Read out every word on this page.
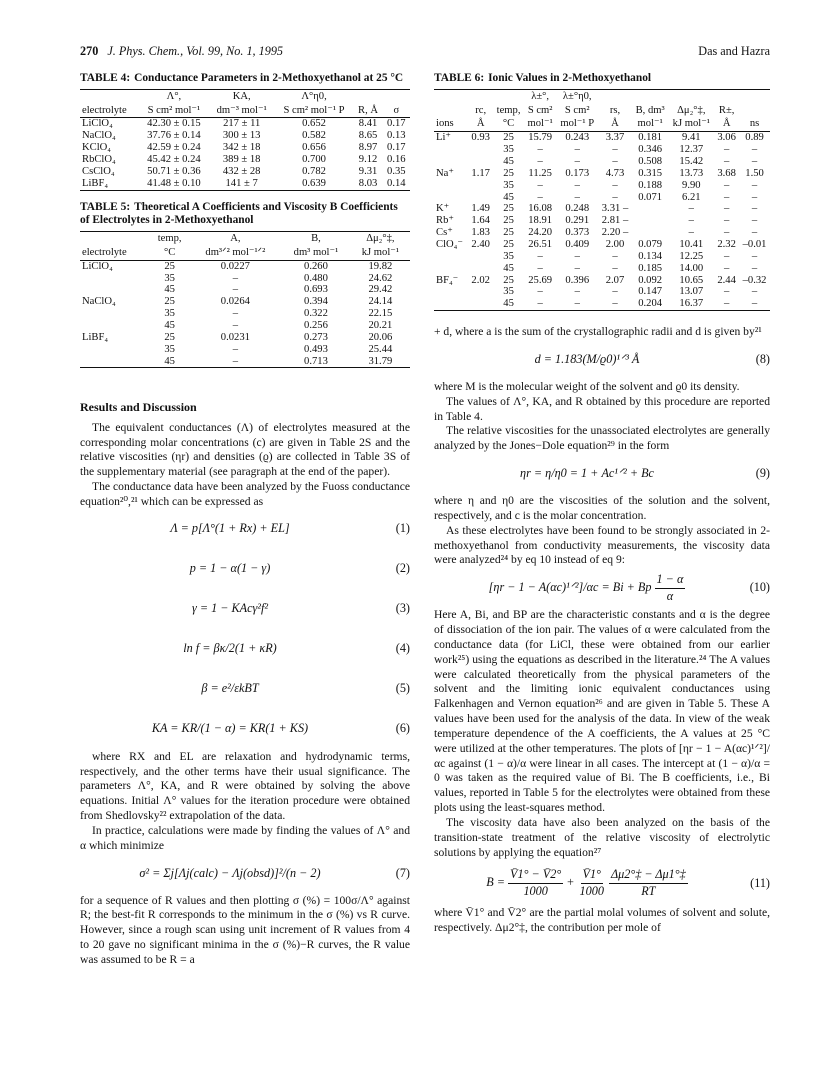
270 J. Phys. Chem., Vol. 99, No. 1, 1995	Das and Hazra
TABLE 4: Conductance Parameters in 2-Methoxyethanol at 25 °C
	Λ°,	KA,	Λ°η0,		
electrolyte	S cm² mol⁻¹	dm⁻³ mol⁻¹	S cm² mol⁻¹ P	R, Å	σ
LiClO₄	42.30 ± 0.15	217 ± 11	0.652	8.41	0.17
NaClO₄	37.76 ± 0.14	300 ± 13	0.582	8.65	0.13
KClO₄	42.59 ± 0.24	342 ± 18	0.656	8.97	0.17
RbClO₄	45.42 ± 0.24	389 ± 18	0.700	9.12	0.16
CsClO₄	50.71 ± 0.36	432 ± 28	0.782	9.31	0.35
LiBF₄	41.48 ± 0.10	141 ± 7	0.639	8.03	0.14
TABLE 5: Theoretical A Coefficients and Viscosity B Coefficients of Electrolytes in 2-Methoxyethanol
	temp,	A,	B,	Δμ₂°‡,
electrolyte	°C	dm³ᐟ² mol⁻¹ᐟ²	dm³ mol⁻¹	kJ mol⁻¹
LiClO₄	25	0.0227	0.260	19.82
	35	–	0.480	24.62
	45	–	0.693	29.42
NaClO₄	25	0.0264	0.394	24.14
	35	–	0.322	22.15
	45	–	0.256	20.21
LiBF₄	25	0.0231	0.273	20.06
	35	–	0.493	25.44
	45	–	0.713	31.79
Results and Discussion

The equivalent conductances (Λ) of electrolytes measured at the corresponding molar concentrations (c) are given in Table 2S and the relative viscosities (ηr) and densities (ϱ) are collected in Table 3S of the supplementary material (see paragraph at the end of the paper).

The conductance data have been analyzed by the Fuoss conductance equation²⁰,²¹ which can be expressed as

Λ = p[Λ°(1 + Rx) + EL]	(1)
p = 1 − α(1 − γ)	(2)
γ = 1 − KAcγ²f²	(3)
ln f = βκ/2(1 + κR)	(4)
β = e²/εkBT	(5)
KA = KR/(1 − α) = KR(1 + KS)	(6)

where RX and EL are relaxation and hydrodynamic terms, respectively, and the other terms have their usual significance. The parameters Λ°, KA, and R were obtained by solving the above equations. Initial Λ° values for the iteration procedure were obtained from Shedlovsky²² extrapolation of the data.

In practice, calculations were made by finding the values of Λ° and α which minimize

σ² = Σj[Λj(calc) − Λj(obsd)]²/(n − 2)	(7)

for a sequence of R values and then plotting σ (%) = 100σ/Λ° against R; the best-fit R corresponds to the minimum in the σ (%) vs R curve. However, since a rough scan using unit increment of R values from 4 to 20 gave no significant minima in the σ (%)−R curves, the R value was assumed to be R = a

TABLE 6: Ionic Values in 2-Methoxyethanol
			λ±°,	λ±°η0,					
	rc,	temp,	S cm²	S cm²	rs,	B, dm³	Δμ₂°‡,	R±,	
ions	Å	°C	mol⁻¹	mol⁻¹ P	Å	mol⁻¹	kJ mol⁻¹	Å	ns
Li⁺	0.93	25	15.79	0.243	3.37	0.181	9.41	3.06	0.89
		35	–	–	–	0.346	12.37	–	–
		45	–	–	–	0.508	15.42	–	–
Na⁺	1.17	25	11.25	0.173	4.73	0.315	13.73	3.68	1.50
		35	–	–	–	0.188	9.90	–	–
		45	–	–	–	0.071	6.21	–	–
K⁺	1.49	25	16.08	0.248	3.31 –		–	–	–
Rb⁺	1.64	25	18.91	0.291	2.81 –		–	–	–
Cs⁺	1.83	25	24.20	0.373	2.20 –		–	–	–
ClO₄⁻	2.40	25	26.51	0.409	2.00	0.079	10.41	2.32	–0.01
		35	–	–	–	0.134	12.25	–	–
		45	–	–	–	0.185	14.00	–	–
BF₄⁻	2.02	25	25.69	0.396	2.07	0.092	10.65	2.44	–0.32
		35	–	–	–	0.147	13.07	–	–
		45	–	–	–	0.204	16.37	–	–

+ d, where a is the sum of the crystallographic radii and d is given by²¹

d = 1.183(M/ϱ0)¹ᐟ³ Å	(8)

where M is the molecular weight of the solvent and ϱ0 its density.

The values of Λ°, KA, and R obtained by this procedure are reported in Table 4.

The relative viscosities for the unassociated electrolytes are generally analyzed by the Jones−Dole equation²⁹ in the form

ηr = η/η0 = 1 + Ac¹ᐟ² + Bc	(9)

where η and η0 are the viscosities of the solution and the solvent, respectively, and c is the molar concentration.

As these electrolytes have been found to be strongly associated in 2-methoxyethanol from conductivity measurements, the viscosity data were analyzed²⁴ by eq 10 instead of eq 9:

[ηr − 1 − A(αc)¹ᐟ²]/αc = Bi + Bp $\frac{1 - \alpha}{\alpha}$	(10)

Here A, Bi, and BP are the characteristic constants and α is the degree of dissociation of the ion pair. The values of α were calculated from the conductance data (for LiCl, these were obtained from our earlier work²⁵) using the equations as described in the literature.²⁴ The A values were calculated theoretically from the physical parameters of the solvent and the limiting ionic equivalent conductances using Falkenhagen and Vernon equation²⁶ and are given in Table 5. These A values have been used for the analysis of the data. In view of the weak temperature dependence of the A coefficients, the A values at 25 °C were utilized at the other temperatures. The plots of [ηr − 1 − A(αc)¹ᐟ²]/αc against (1 − α)/α were linear in all cases. The intercept at (1 − α)/α = 0 was taken as the required value of Bi. The B coefficients, i.e., Bi values, reported in Table 5 for the electrolytes were obtained from these plots using the least-squares method.

The viscosity data have also been analyzed on the basis of the transition-state treatment of the relative viscosity of electrolytic solutions by applying the equation²⁷

$B = \frac{V̄1^\circ - V̄2^\circ}{1000} + \frac{V̄1^\circ}{1000}$
$\frac{\Delta\mu 2^\circ\ddagger - \Delta\mu 1^\circ\ddagger}{RT}$	(11)

where V̄1° and V̄2° are the partial molal volumes of solvent and solute, respectively. Δμ2°‡, the contribution per mole of
